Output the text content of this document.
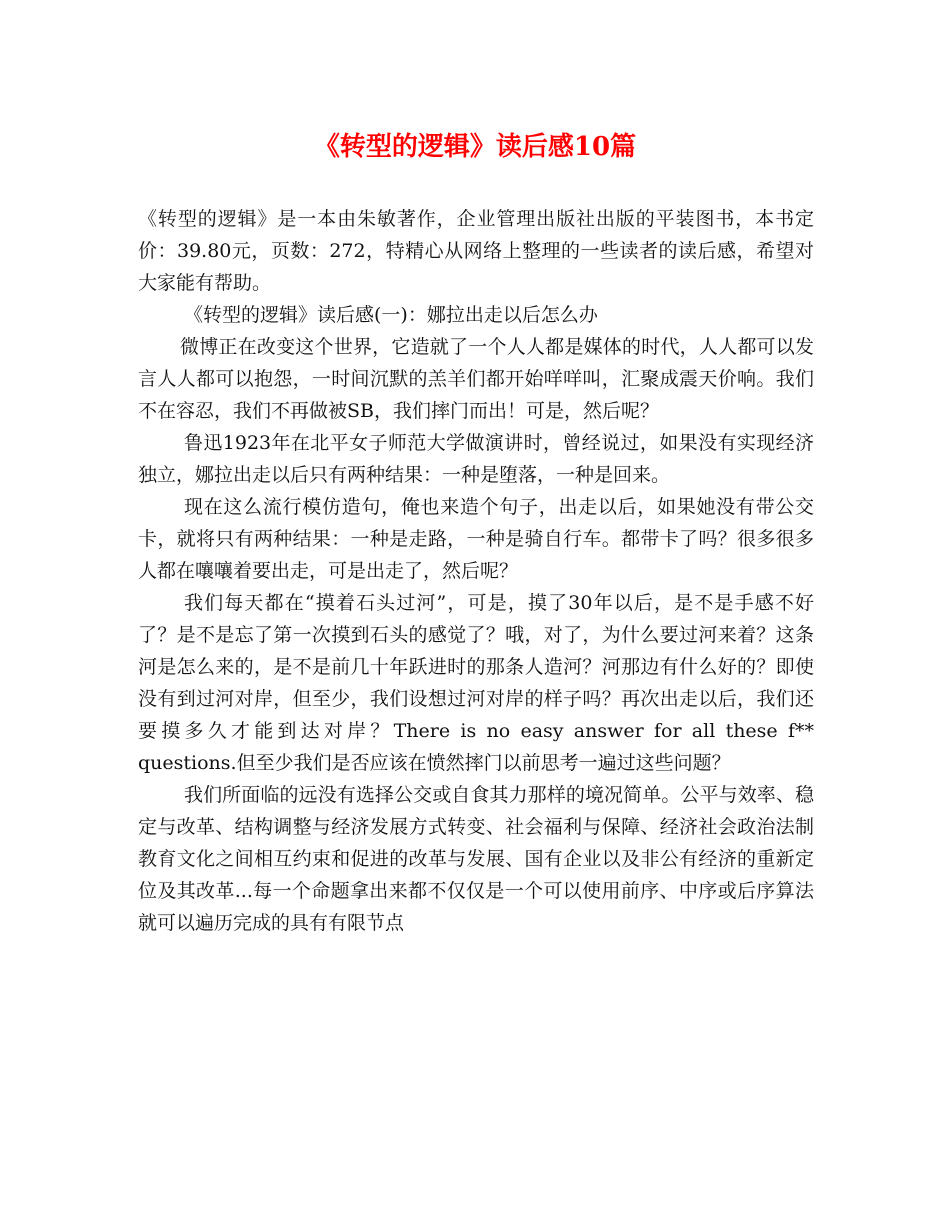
《转型的逻辑》读后感10篇

《转型的逻辑》是一本由朱敏著作，企业管理出版社出版的平装图书，本书定价：39.80元，页数：272，特精心从网络上整理的一些读者的读后感，希望对大家能有帮助。

《转型的逻辑》读后感(一)：娜拉出走以后怎么办

微博正在改变这个世界，它造就了一个人人都是媒体的时代，人人都可以发言人人都可以抱怨，一时间沉默的羔羊们都开始咩咩叫，汇聚成震天价响。我们不在容忍，我们不再做被SB，我们摔门而出！可是，然后呢？

鲁迅1923年在北平女子师范大学做演讲时，曾经说过，如果没有实现经济独立，娜拉出走以后只有两种结果：一种是堕落，一种是回来。

现在这么流行模仿造句，俺也来造个句子，出走以后，如果她没有带公交卡，就将只有两种结果：一种是走路，一种是骑自行车。都带卡了吗？很多很多人都在嚷嚷着要出走，可是出走了，然后呢？

我们每天都在“摸着石头过河”，可是，摸了30年以后，是不是手感不好了？是不是忘了第一次摸到石头的感觉了？哦，对了，为什么要过河来着？这条河是怎么来的，是不是前几十年跃进时的那条人造河？河那边有什么好的？即使没有到过河对岸，但至少，我们设想过河对岸的样子吗？再次出走以后，我们还要摸多久才能到达对岸？There is no easy answer for all these f** questions.但至少我们是否应该在愤然摔门以前思考一遍过这些问题？

我们所面临的远没有选择公交或自食其力那样的境况简单。公平与效率、稳定与改革、结构调整与经济发展方式转变、社会福利与保障、经济社会政治法制教育文化之间相互约束和促进的改革与发展、国有企业以及非公有经济的重新定位及其改革...每一个命题拿出来都不仅仅是一个可以使用前序、中序或后序算法就可以遍历完成的具有有限节点
